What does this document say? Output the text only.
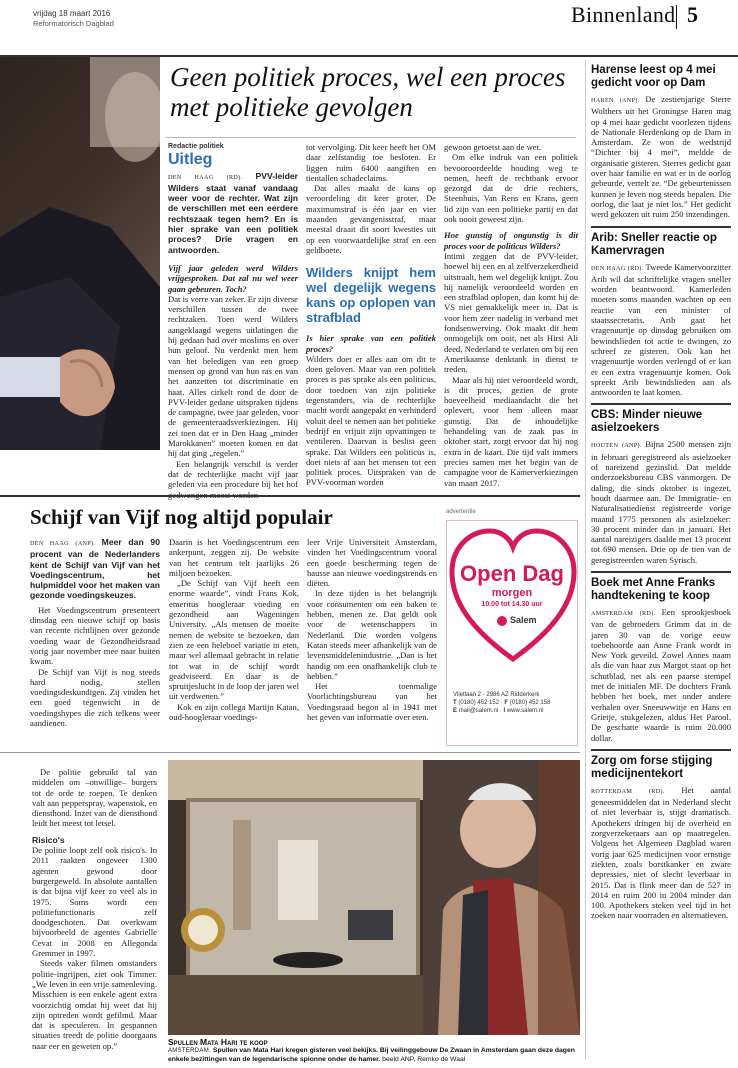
vrijdag 18 maart 2016
Reformatorisch Dagblad	Binnenland 5
Geen politiek proces, wel een proces met politieke gevolgen
Redactie politiek
Uitleg

DEN HAAG (RD). PVV-leider Wilders staat vanaf vandaag weer voor de rechter. Wat zijn de verschillen met een eerdere rechtszaak tegen hem? En is hier sprake van een politiek proces? Drie vragen en antwoorden.

Vijf jaar geleden werd Wilders vrijgesproken. Dat zal nu wel weer gaan gebeuren. Toch?

Dat is verre van zeker. Er zijn diverse verschillen tussen de twee rechtzaken. Toen werd Wilders aangeklaagd wegens uitlatingen die hij gedaan had over moslims en over hun geloof. Nu verdenkt men hem van het beledigen van een groep mensen op grond van hun ras en van het aanzetten tot discriminatie en haat. Alles cirkelt rond de door de PVV-leider gedane uitspraken tijdens de campagne, twee jaar geleden, voor de gemeenteraadsverkiezingen. Hij zei toen dat er in Den Haag „minder Marokkanen” moeten komen en dat hij dat ging „regelen.”

Een belangrijk verschil is verder dat de rechterlijke macht vijf jaar geleden via een procedure bij het hof

tot vervolging. Dit keer heeft het OM daar zelfstandig toe besloten. Er liggen ruim 6400 aangiften en tientallen schadeclaims.

Dat alles maakt de kans op veroordeling dit keer groter. De maximumstraf is één jaar en vier maanden gevangenisstraf, maar meestal draait dit soort kwesties uit op een voorwaardelijke straf en een geldboete.

Wilders knijpt hem wel degelijk wegens kans op oplopen van strafblad

Is hier sprake van een politiek proces?

Wilders doet er alles aan om dit te doen geloven. Maar van een politiek proces is pas sprake als een politicus, door toedoen van zijn politieke tegenstanders, via de rechterlijke macht wordt aangepakt en verhinderd voluit deel te nemen aan het politieke bedrijf en vrijuit zijn opvattingen te ventileren. Daarvan is beslist geen sprake. Dat Wilders een politicus is, doet niets af aan het mensen tot een politiek proces. Uitspraken van de PVV-voorman worden

gewoon getoetst aan de wet.

Om elke indruk van een politiek bevooroordeelde houding weg te nemen, heeft de rechtbank ervoor gezorgd dat de drie rechters, Steenhuis, Van Rens en Krans, geen lid zijn van een politieke partij en dat ook nooit geweest zijn.

Hoe gunstig of ongunstig is dit proces voor de politicus Wilders?

Intimi zeggen dat de PVV-leider, hoewel hij een en al zelfverzekerdheid uitstraalt, hem wel degelijk knijpt. Zou hij namelijk veroordeeld worden en een strafblad oplopen, dan komt hij de VS niet gemakkelijk meer in. Dat is voor hem zeer nadelig in verband met fondsenwerving. Ook maakt dit hem onmogelijk om ooit, net als Hirsi Ali deed, Nederland te verlaten om bij een Amerikaanse denktank in dienst te treden.

Maar als hij niet veroordeeld wordt, is dit proces, gezien de grote hoeveelheid mediaandacht die het oplevert, voor hem alleen maar gunstig. Dat de inhoudelijke behandeling van de zaak pas in oktober start, zorgt ervoor dat hij nog extra in de kaart. Die tijd valt immers precies samen met het begin van de campagne voor de Kamerverkiezingen van maart 2017.

Harense leest op 4 mei gedicht voor op Dam
HAREN (ANP). De zestienjarige Sterre Wolthers uit het Groningse Haren mag op 4 mei haar gedicht voorlezen tijdens de Nationale Herdenking op de Dam in Amsterdam. Ze won de wedstrijd “Dichter bij 4 mei”, meldde de organisatie gisteren. Sterres gedicht gaat over haar familie en wat er in de oorlog gebeurde, vertelt ze. “De gebeurtenissen kunnen je leven nog steeds bepalen. Die oorlog, die laat je niet los.” Het gedicht werd gekozen uit ruim 250 inzendingen.
Arib: Sneller reactie op Kamervragen
DEN HAAG (RD). Tweede Kamervoorzitter Arib wil dat schriftelijke vragen sneller worden beantwoord. Kamerleden moeten soms maanden wachten op een reactie van een minister of staatssecretaris. Arib gaat het vragenuurtje op dinsdag gebruiken om bewindslieden tot actie te dwingen, zo schreef ze gisteren. Ook kan het vragenuurtje worden verlengd of er kan er een extra vragenuurtje komen. Ook spreekt Arib bewindslieden aan als antwoorden te laat komen.
CBS: Minder nieuwe asielzoekers
HOUTEN (ANP). Bijna 2500 mensen zijn in februari geregistreerd als asielzoeker of nareizend gezinslid. Dat meldde onderzoeksbureau CBS vanmorgen. De daling, die sinds oktober is ingezet, houdt daarmee aan. De Immigratie- en Naturalisatiedienst registreerde vorige maand 1775 personen als asielzoeker: 30 procent minder dan in januari. Het aantal nareizigers daalde met 13 procent tot 690 mensen. Drie op de tien van de geregistreerden waren Syrisch.
Boek met Anne Franks handtekening te koop
AMSTERDAM (RD). Een sprookjesboek van de gebroeders Grimm dat in de jaren 30 van de vorige eeuw toebehoorde aan Anne Frank wordt in New York geveild. Zowel Annes naam als die van haar zus Margot staat op het schutblad, net als een paarse stempel met de initialen MF. De dochters Frank hebben het boek, met onder andere verhalen over Sneeuwwitje en Hans en Grietje, stukgelezen, aldus Het Parool. De geschatte waarde is ruim 20.000 dollar.
Zorg om forse stijging medicijnentekort
ROTTERDAM	(RD). Het aantal geneesmiddelen dat in Nederland slecht of niet leverbaar is, stijgt dramatisch. Apothekers dringen bij de overheid en zorgverzekeraars aan op maatregelen. Volgens het Algemeen Dagblad waren vorig jaar 625 medicijnen voor ernstige ziekten, zoals borstkanker en zware depressies, niet of slecht leverbaar in 2015. Dat is flink meer dan de 527 in 2014 en ruim 200 in 2004 minder dan 100. Apothekers steken veel tijd in het zoeken naar voorraden en alternatieven.
Schijf van Vijf nog altijd populair

DEN HAAG (ANP). Meer dan 90 procent van de Nederlanders kent de Schijf van Vijf van het Voedingscentrum, het hulpmiddel voor het maken van gezonde voedingskeuzes.

Het Voedingscentrum presenteert dinsdag een nieuwe schijf op basis van recente richtlijnen over gezonde voeding waar de Gezondheidsraad vorig jaar november mee naar buiten kwam.

De Schijf van Vijf is nog steeds hard nodig, stellen voedingsdeskundigen. Zij vinden het een goed tegenwicht in de voedingshypes die zich telkens weer aandienen.

Daarin is het Voedingscentrum een ankerpunt, zeggen zij. De website van het centrum telt jaarlijks 26 miljoen bezoeken.

„De Schijf van Vijf heeft een enorme waarde”, vindt Frans Kok, emeritus hoogleraar voeding en gezondheid aan Wageningen University. „Als mensen de moeite nemen de website te bezoeken, dan zien ze een heleboel variatie in eten, maar wel allemaal gebracht in relatie tot wat in de schijf wordt geadviseerd. En daar is de spruitjeslucht in de loop der jaren wel uit verdwenen.”

Kok en zijn collega Martijn Katan, oud-hoogleraar voedings-

leer Vrije Universiteit Amsterdam, vinden het Voedingscentrum vooral een goede bescherming tegen de hausse aan nieuwe voedingstrends en diëten.

In deze tijden is het belangrijk voor consumenten om een baken te hebben, menen ze. Dat geldt ook voor de wetenschappers in Nederland. Die worden volgens Katan steeds meer afhankelijk van de levensmiddelenindustrie. „Dan is het handig om een onafhankelijk club te hebben.”

Het toenmalige Voorlichtingsbureau van het Voedingsraad begon al in 1941 met het geven van informatie over eten.

advertentie
Open Dag
morgen
10.00 tot 14.30 uur
Salem
Vlietlaan 2 - 2986 AZ Ridderkerk
T (0180) 452 152 · F (0180) 452 158
E mail@salem.nl · I www.salem.nl

De politie gebruikt tal van middelen om –onwillige– burgers tot de orde te roepen. Te denken valt aan pepperspray, wapenstok, en diensthond. Inzet van de diensthond leidt het meest tot letsel.

Risico's

De politie loopt zelf ook risico's. In 2011 raakten ongeveer 1300 agenten gewond door burgergeweld. In absolute aantallen is dat bijna vijf keer zo veel als in 1975. Soms wordt een politiefunctionaris zelf doodgeschoten. Dat overkwam bijvoorbeeld de agentes Gabrielle Cevat in 2008 en Allegonda Gremmer in 1997.

Steeds vaker filmen omstanders politie-ingrijpen, ziet ook Timmer. „We leven in een vrije samenleving. Misschien is een enkele agent extra voorzichtig omdat hij weet dat hij zijn optreden wordt gefilmd. Maar dat is speculeren. In gespannen situaties treedt de politie doorgaans naar eer en geweten op.”	Spullen Mata Hari te koop
AMSTERDAM. Spullen van Mata Hari kregen gisteren veel bekijks. Bij veilinggebouw De Zwaan in Amsterdam gaan deze dagen enkele bezittingen van de legendarische spionne onder de hamer. beeld ANP, Remko de Waal
